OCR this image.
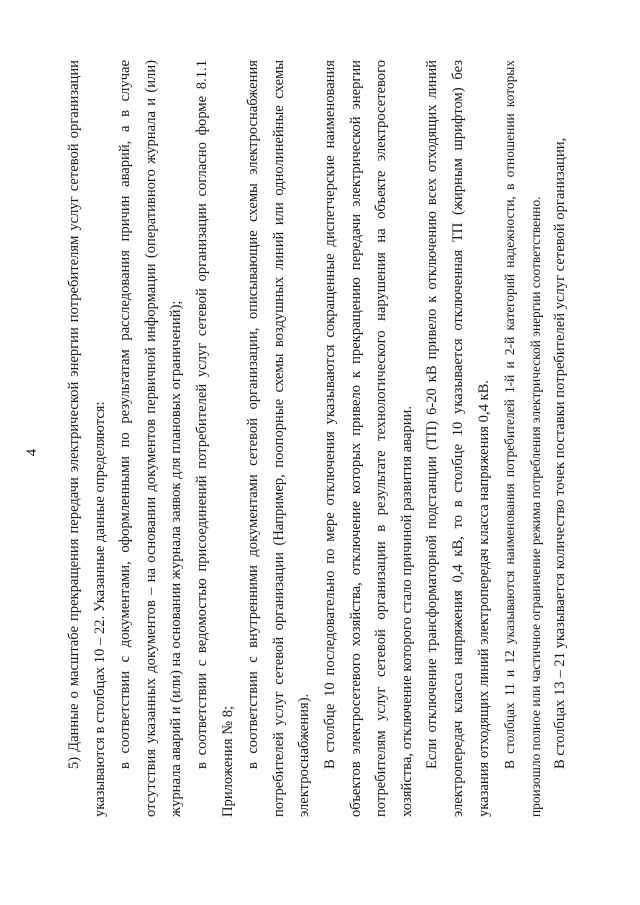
4 5) Данные о масштабе прекращения передачи электрической энергии потребителям услуг сетевой организации указываются в столбцах 10 – 22. Указанные данные определяются: в соответствии с документами, оформленными по результатам расследования причин аварий, а в случае отсутствия указанных документов – на основании документов первичной информации (оперативного журнала и (или) журнала аварий и (или) на основании журнала заявок для плановых ограничений); в соответствии с ведомостью присоединений потребителей услуг сетевой организации согласно форме 8.1.1 Приложения № 8; в соответствии с внутренними документами сетевой организации, описывающие схемы электроснабжения потребителей услуг сетевой организации (Например, поопорные схемы воздушных линий или однолинейные схемы электроснабжения). В столбце 10 последовательно по мере отключения указываются сокращенные диспетчерские наименования объектов электросетевого хозяйства, отключение которых привело к прекращению передачи электрической энергии потребителям услуг сетевой организации в результате технологического нарушения на объекте электросетевого хозяйства, отключение которого стало причиной развития аварии. Если отключение трансформаторной подстанции (ТП) 6-20 кВ привело к отключению всех отходящих линий электропередач класса напряжения 0,4 кВ, то в столбце 10 указывается отключенная ТП (жирным шрифтом) без указания отходящих линий электропередач класса напряжения 0,4 кВ. В столбцах 11 и 12 указываются наименования потребителей 1-й и 2-й категорий надежности, в отношении которых произошло полное или частичное ограничение режима потребления электрической энергии соответственно. В столбцах 13 – 21 указывается количество точек поставки потребителей услуг сетевой организации,
